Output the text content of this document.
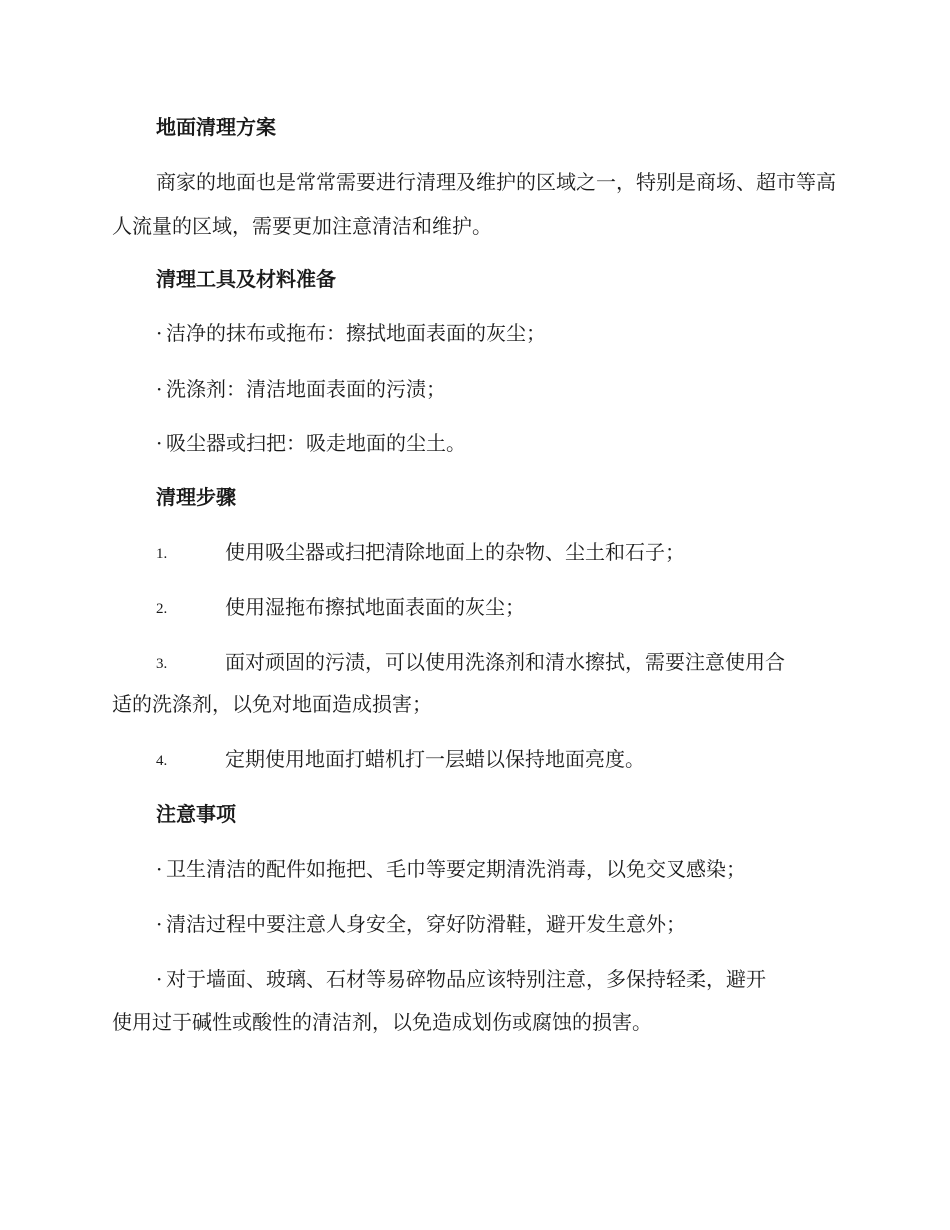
地面清理方案
商家的地面也是常常需要进行清理及维护的区域之一，特别是商场、超市等高人流量的区域，需要更加注意清洁和维护。
清理工具及材料准备
· 洁净的抹布或拖布：擦拭地面表面的灰尘；
· 洗涤剂：清洁地面表面的污渍；
· 吸尘器或扫把：吸走地面的尘土。
清理步骤
1.	使用吸尘器或扫把清除地面上的杂物、尘土和石子；
2.	使用湿拖布擦拭地面表面的灰尘；
3.	面对顽固的污渍，可以使用洗涤剂和清水擦拭，需要注意使用合
适的洗涤剂，以免对地面造成损害；
4.	定期使用地面打蜡机打一层蜡以保持地面亮度。
注意事项
· 卫生清洁的配件如拖把、毛巾等要定期清洗消毒，以免交叉感染；
· 清洁过程中要注意人身安全，穿好防滑鞋，避开发生意外；
· 对于墙面、玻璃、石材等易碎物品应该特别注意，多保持轻柔，避开
使用过于碱性或酸性的清洁剂，以免造成划伤或腐蚀的损害。
